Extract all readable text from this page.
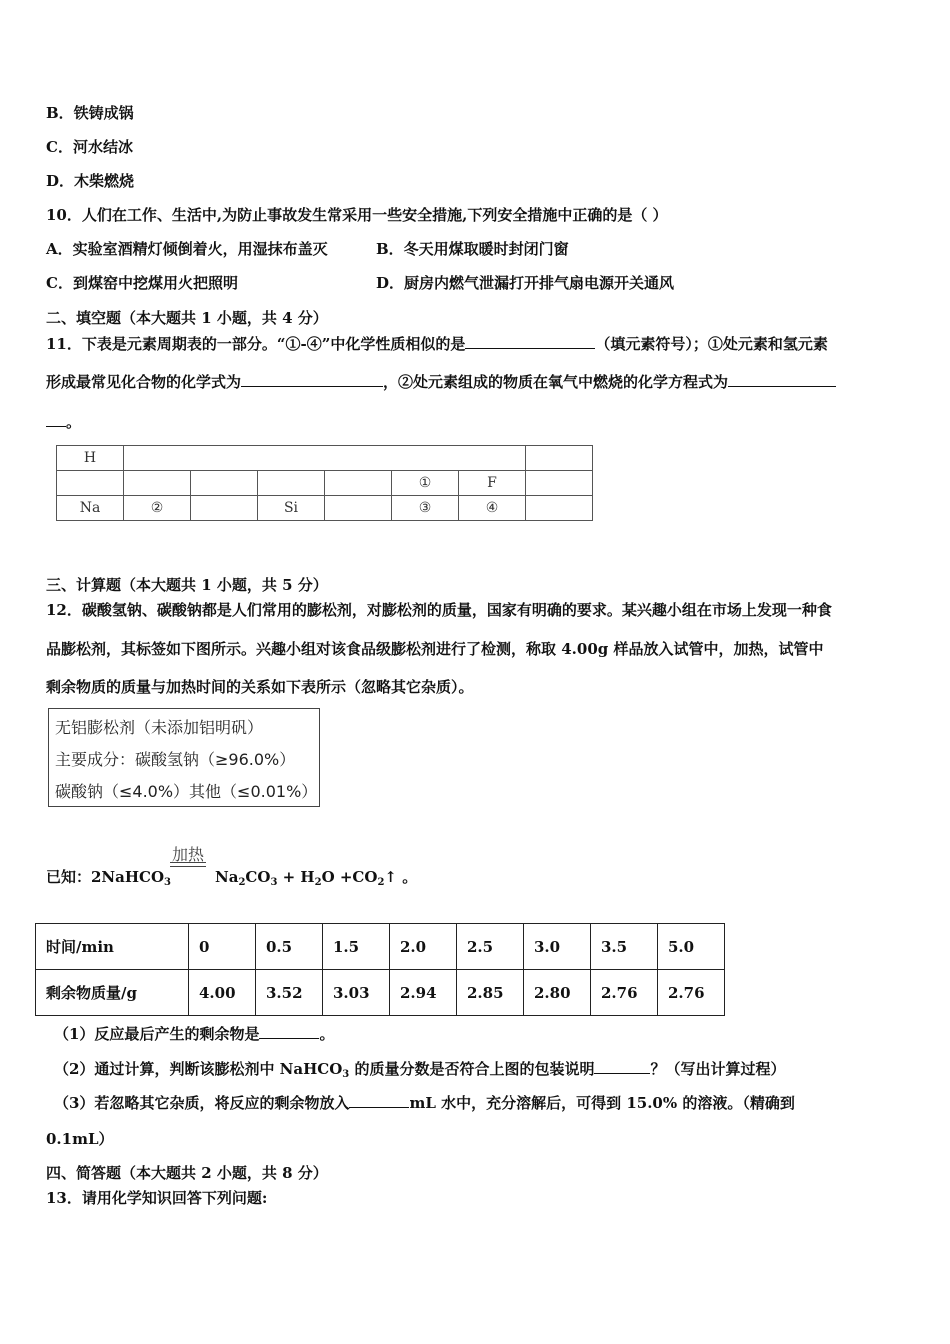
B．铁铸成锅
C．河水结冰
D．木柴燃烧
10．人们在工作、生活中,为防止事故发生常采用一些安全措施,下列安全措施中正确的是（ ）
A．实验室酒精灯倾倒着火，用湿抹布盖灭	B．冬天用煤取暖时封闭门窗
C．到煤窑中挖煤用火把照明	D．厨房内燃气泄漏打开排气扇电源开关通风
二、填空题（本大题共 1 小题，共 4 分）
11．下表是元素周期表的一部分。“①-④”中化学性质相似的是	（填元素符号）；①处元素和氢元素
形成最常见化合物的化学式为	，②处元素组成的物质在氧气中燃烧的化学方程式为
。
H							
					①	F	
Na	②		Si		③	④	
三、计算题（本大题共 1 小题，共 5 分）
12．碳酸氢钠、碳酸钠都是人们常用的膨松剂，对膨松剂的质量，国家有明确的要求。某兴趣小组在市场上发现一种食
品膨松剂，其标签如下图所示。兴趣小组对该食品级膨松剂进行了检测，称取 4.00g 样品放入试管中，加热，试管中
剩余物质的质量与加热时间的关系如下表所示（忽略其它杂质）。
无铝膨松剂（未添加铝明矾）
主要成分：碳酸氢钠（≥96.0%）
碳酸钠（≤4.0%）其他（≤0.01%）
已知：2NaHCO$_3$	$Na_2CO_3 + H_2O$ $+CO_2↑$ 。
加热
时间/min	0	0.5	1.5	2.0	2.5	3.0	3.5	5.0
剩余物质量/g	4.00	3.52	3.03	2.94	2.85	2.80	2.76	2.76
（1）反应最后产生的剩余物是	。
（2）通过计算，判断该膨松剂中 NaHCO$_3$ 的质量分数是否符合上图的包装说明	？（写出计算过程）
（3）若忽略其它杂质，将反应的剩余物放入	mL 水中，充分溶解后，可得到 15.0% 的溶液。（精确到
0.1mL）
四、简答题（本大题共 2 小题，共 8 分）
13．请用化学知识回答下列问题:
